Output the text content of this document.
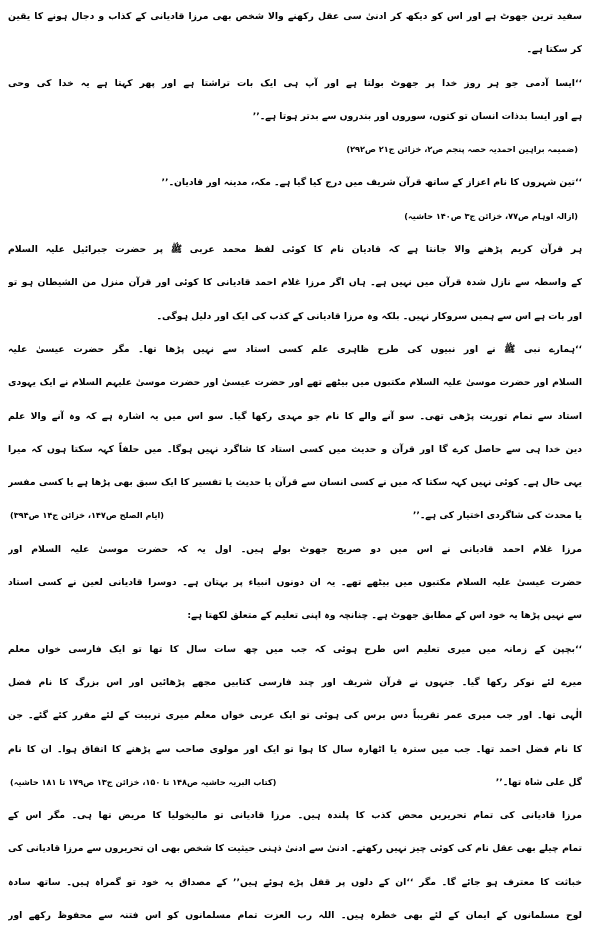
سفید ترین جھوٹ ہے اور اس کو دیکھ کر ادنیٰ سی عقل رکھنے والا شخص بھی مرزا قادیانی کے کذاب و دجال ہونے کا یقین
کر سکتا ہے۔
‘‘ایسا آدمی جو ہر روز خدا پر جھوٹ بولتا ہے اور آپ ہی ایک بات تراشتا ہے اور پھر کہتا ہے یہ خدا کی وحی
ہے اور ایسا بدذات انسان تو کتوں، سوروں اور بندروں سے بدتر ہوتا ہے۔’’
(ضمیمہ براہین احمدیہ حصہ پنجم ص۲، خزائن ج۲۱ ص۲۹۲)
‘‘تین شہروں کا نام اعزاز کے ساتھ قرآن شریف میں درج کیا گیا ہے۔ مکہ، مدینہ اور قادیان۔’’
(ازالہ اوہام ص۷۷، خزائن ج۳ ص۱۴۰ حاشیہ)
ہر قرآن کریم پڑھنے والا جانتا ہے کہ قادیان نام کا کوئی لفظ محمد عربی ﷺ پر حضرت جبرائیل علیہ السلام
کے واسطہ سے نازل شدہ قرآن میں نہیں ہے۔ ہاں اگر مرزا غلام احمد قادیانی کا کوئی اور قرآن منزل من الشیطان ہو تو
اور بات ہے اس سے ہمیں سروکار نہیں۔ بلکہ وہ مرزا قادیانی کے کذب کی ایک اور دلیل ہوگی۔
‘‘ہمارے نبی ﷺ نے اور نبیوں کی طرح ظاہری علم کسی استاد سے نہیں پڑھا تھا۔ مگر حضرت عیسیٰ علیہ
السلام اور حضرت موسیٰ علیہ السلام مکتبوں میں بیٹھے تھے اور حضرت عیسیٰ اور حضرت موسیٰ علیہم السلام نے ایک یہودی
استاد سے تمام توریت پڑھی تھی۔ سو آنے والے کا نام جو مہدی رکھا گیا۔ سو اس میں یہ اشارہ ہے کہ وہ آنے والا علم
دین خدا ہی سے حاصل کرے گا اور قرآن و حدیث میں کسی استاد کا شاگرد نہیں ہوگا۔ میں حلفاً کہہ سکتا ہوں کہ میرا
یہی حال ہے۔ کوئی نہیں کہہ سکتا کہ میں نے کسی انسان سے قرآن یا حدیث یا تفسیر کا ایک سبق بھی پڑھا ہے یا کسی مفسر
یا محدث کی شاگردی اختیار کی ہے۔’’
(ایام الصلح ص۱۴۷، خزائن ج۱۴ ص۳۹۴)
مرزا غلام احمد قادیانی نے اس میں دو صریح جھوٹ بولے ہیں۔ اول یہ کہ حضرت موسیٰ علیہ السلام اور
حضرت عیسیٰ علیہ السلام مکتبوں میں بیٹھے تھے۔ یہ ان دونوں انبیاء پر بہتان ہے۔ دوسرا قادیانی لعین نے کسی استاد
سے نہیں پڑھا یہ خود اس کے مطابق جھوٹ ہے۔ چنانچہ وہ اپنی تعلیم کے متعلق لکھتا ہے:
‘‘بچپن کے زمانہ میں میری تعلیم اس طرح ہوئی کہ جب میں چھ سات سال کا تھا تو ایک فارسی خواں معلم
میرے لئے نوکر رکھا گیا۔ جنہوں نے قرآن شریف اور چند فارسی کتابیں مجھے پڑھائیں اور اس بزرگ کا نام فضل
الٰہی تھا۔ اور جب میری عمر تقریباً دس برس کی ہوئی تو ایک عربی خواں معلم میری تربیت کے لئے مقرر کئے گئے۔ جن
کا نام فضل احمد تھا۔ جب میں سترہ یا اٹھارہ سال کا ہوا تو ایک اور مولوی صاحب سے پڑھنے کا اتفاق ہوا۔ ان کا نام
گل علی شاہ تھا۔’’
(کتاب البریہ حاشیہ ص۱۴۸ تا ۱۵۰، خزائن ج۱۳ ص۱۷۹ تا ۱۸۱ حاشیہ)
مرزا قادیانی کی تمام تحریریں محض کذب کا پلندہ ہیں۔ مرزا قادیانی تو مالیخولیا کا مریض تھا ہی۔ مگر اس کے
تمام چیلے بھی عقل نام کی کوئی چیز نہیں رکھتے۔ ادنیٰ سے ادنیٰ ذہنی حیثیت کا شخص بھی ان تحریروں سے مرزا قادیانی کی
خباثت کا معترف ہو جائے گا۔ مگر ‘‘ان کے دلوں پر قفل پڑے ہوئے ہیں’’ کے مصداق یہ خود تو گمراہ ہیں۔ ساتھ سادہ
لوح مسلمانوں کے ایمان کے لئے بھی خطرہ ہیں۔ اللہ رب العزت تمام مسلمانوں کو اس فتنہ سے محفوظ رکھے اور
